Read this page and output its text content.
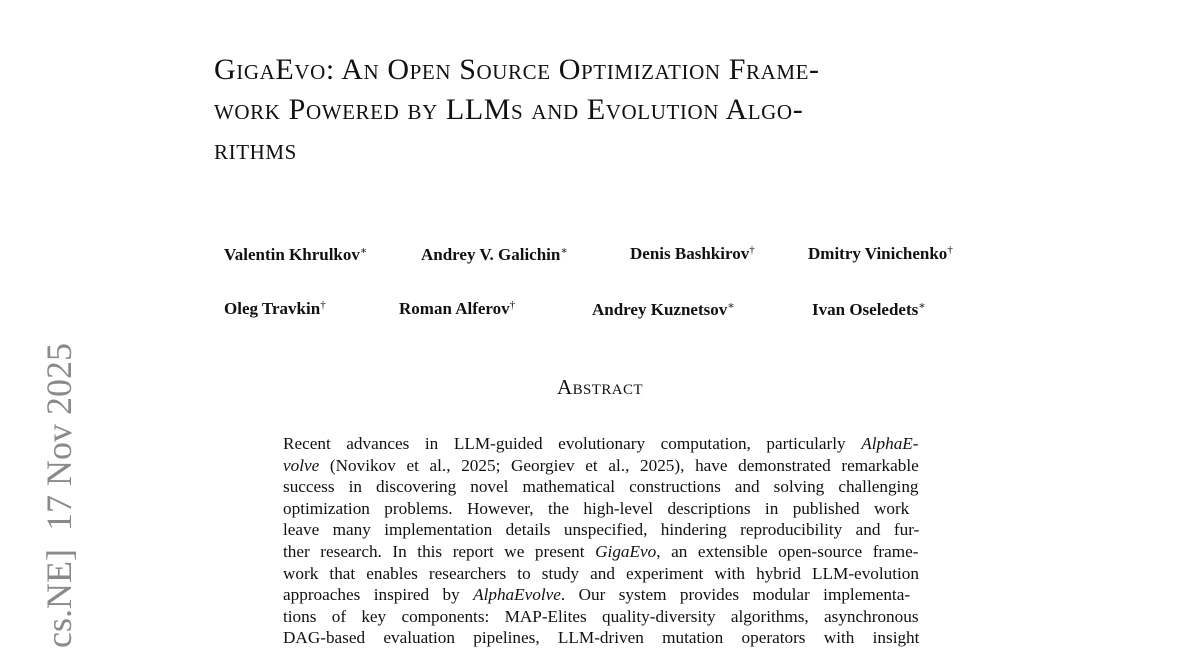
cs.NE]  17 Nov 2025
GigaEvo: An Open Source Optimization Frame-
work Powered by LLMs and Evolution Algo-
rithms
Valentin Khrulkov∗	Andrey V. Galichin∗	Denis Bashkirov†	Dmitry Vinichenko†
Oleg Travkin†	Roman Alferov†	Andrey Kuznetsov∗	Ivan Oseledets∗
Abstract
Recent advances in LLM-guided evolutionary computation, particularly AlphaE-
volve (Novikov et al., 2025; Georgiev et al., 2025), have demonstrated remarkable
success in discovering novel mathematical constructions and solving challenging
optimization problems. However, the high-level descriptions in published work
leave many implementation details unspecified, hindering reproducibility and fur-
ther research. In this report we present GigaEvo, an extensible open-source frame-
work that enables researchers to study and experiment with hybrid LLM-evolution
approaches inspired by AlphaEvolve. Our system provides modular implementa-
tions of key components: MAP-Elites quality-diversity algorithms, asynchronous
DAG-based evaluation pipelines, LLM-driven mutation operators with insight
